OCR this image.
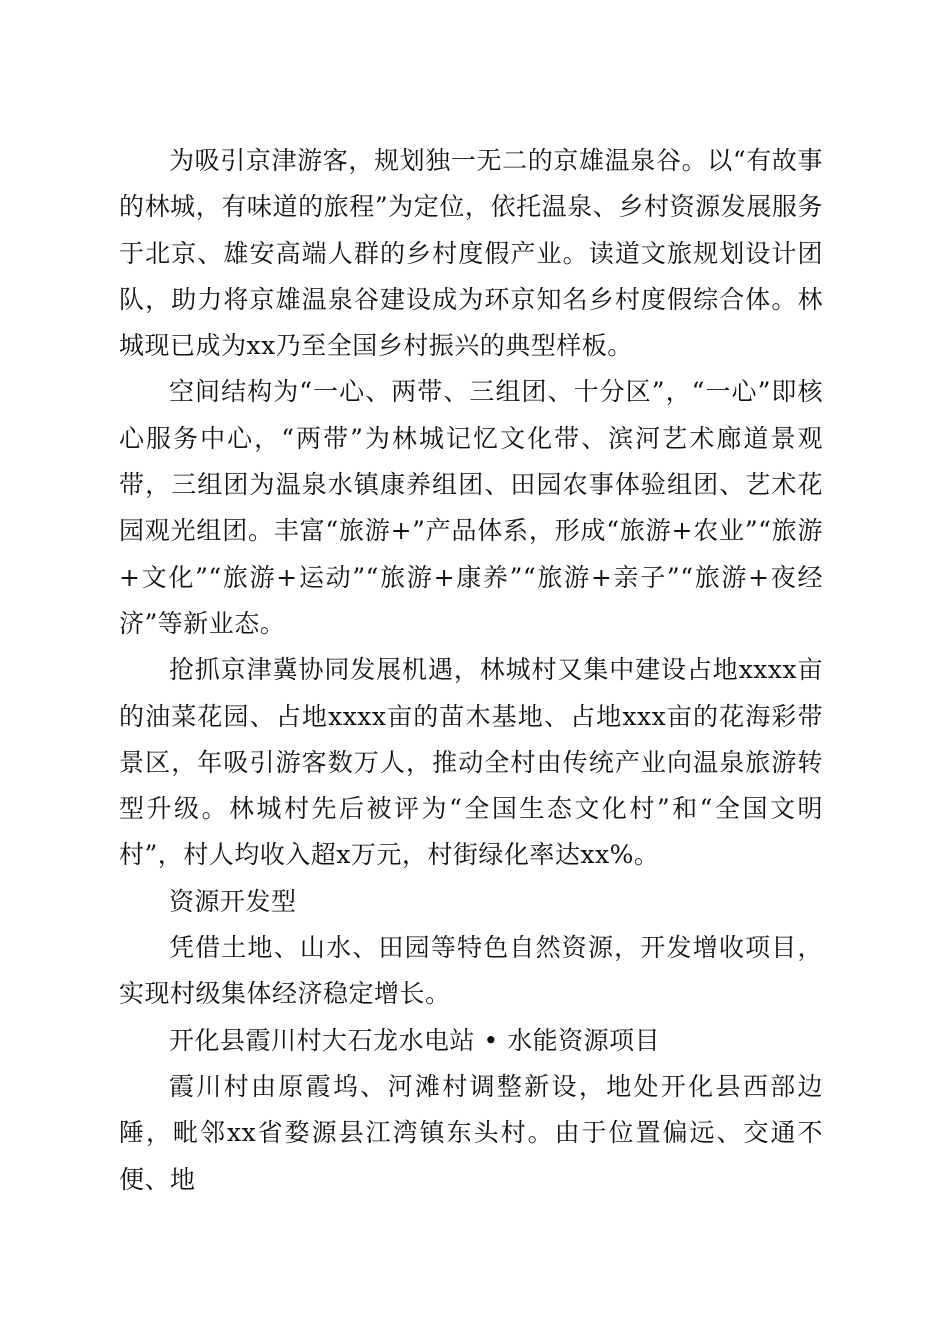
为吸引京津游客，规划独一无二的京雄温泉谷。以“有故事的林城，有味道的旅程”为定位，依托温泉、乡村资源发展服务于北京、雄安高端人群的乡村度假产业。读道文旅规划设计团队，助力将京雄温泉谷建设成为环京知名乡村度假综合体。林城现已成为xx乃至全国乡村振兴的典型样板。

空间结构为“一心、两带、三组团、十分区”，“一心”即核心服务中心，“两带”为林城记忆文化带、滨河艺术廊道景观带，三组团为温泉水镇康养组团、田园农事体验组团、艺术花园观光组团。丰富“旅游+”产品体系，形成“旅游+农业”“旅游+文化”“旅游+运动”“旅游+康养”“旅游+亲子”“旅游+夜经济”等新业态。

抢抓京津冀协同发展机遇，林城村又集中建设占地xxxx亩的油菜花园、占地xxxx亩的苗木基地、占地xxx亩的花海彩带景区，年吸引游客数万人，推动全村由传统产业向温泉旅游转型升级。林城村先后被评为“全国生态文化村”和“全国文明村”，村人均收入超x万元，村街绿化率达xx%。

资源开发型

凭借土地、山水、田园等特色自然资源，开发增收项目，实现村级集体经济稳定增长。

开化县霞川村大石龙水电站 • 水能资源项目

霞川村由原霞坞、河滩村调整新设，地处开化县西部边陲，毗邻xx省婺源县江湾镇东头村。由于位置偏远、交通不便、地
